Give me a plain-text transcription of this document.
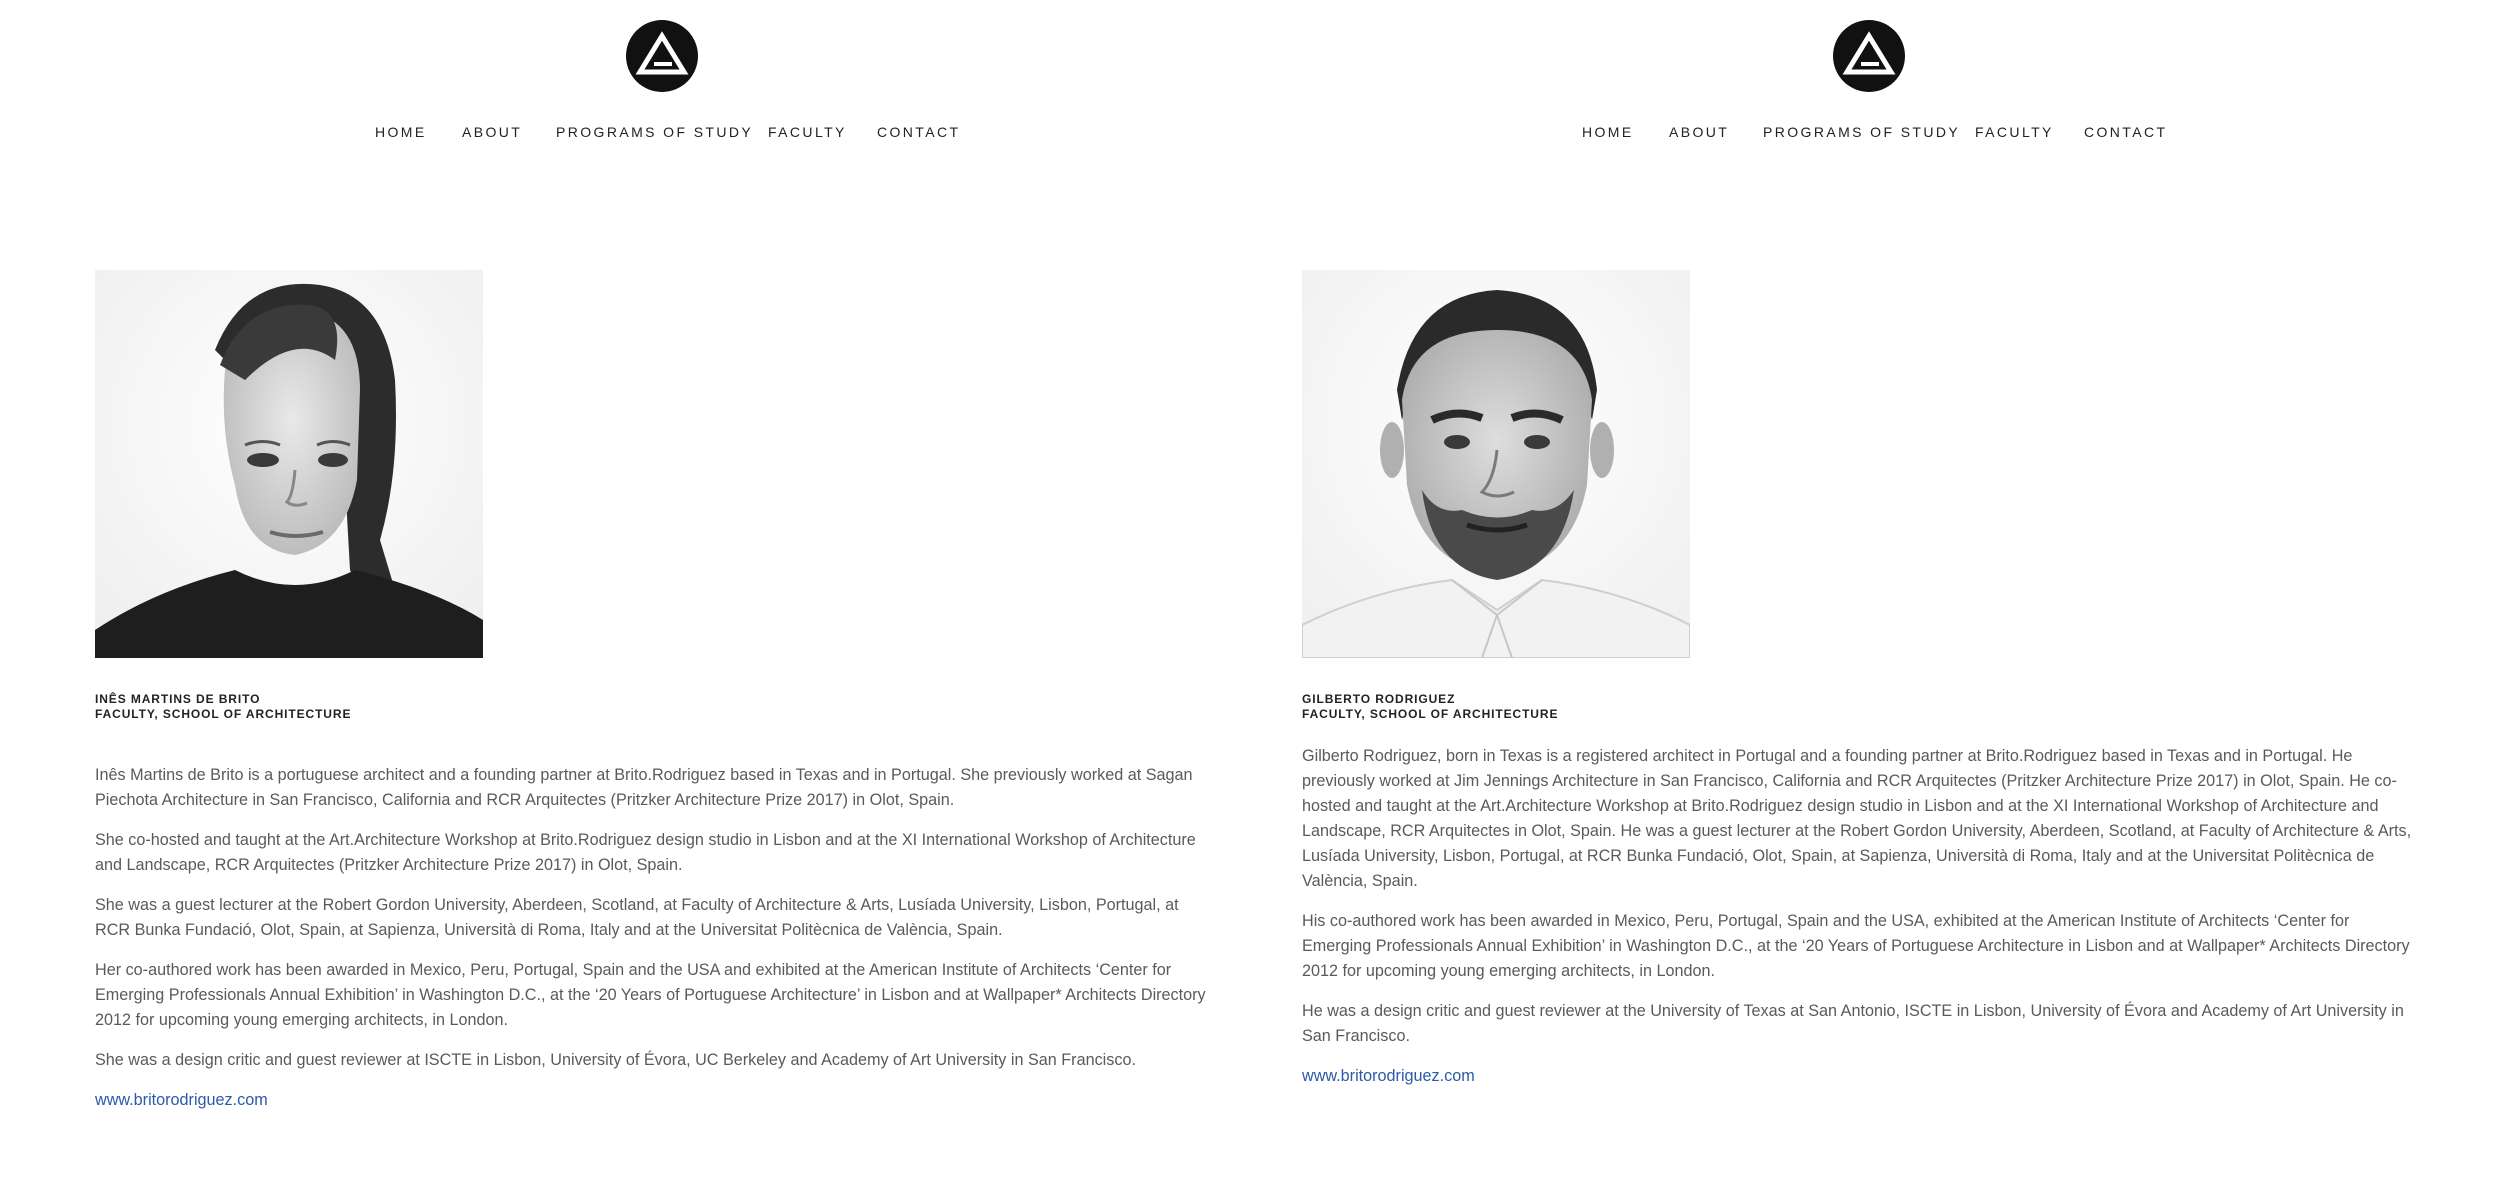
HOME	ABOUT PROGRAMS OF STUDY FACULTY CONTACT
INÊS MARTINS DE BRITO
FACULTY, SCHOOL OF ARCHITECTURE

Inês Martins de Brito is a portuguese architect and a founding partner at Brito.Rodriguez based in Texas and in Portugal. She previously worked at Sagan Piechota Architecture in San Francisco, California and RCR Arquitectes (Pritzker Architecture Prize 2017) in Olot, Spain.

She co-hosted and taught at the Art.Architecture Workshop at Brito.Rodriguez design studio in Lisbon and at the XI International Workshop of Architecture and Landscape, RCR Arquitectes (Pritzker Architecture Prize 2017) in Olot, Spain.

She was a guest lecturer at the Robert Gordon University, Aberdeen, Scotland, at Faculty of Architecture & Arts, Lusíada University, Lisbon, Portugal, at RCR Bunka Fundació, Olot, Spain, at Sapienza, Università di Roma, Italy and at the Universitat Politècnica de València, Spain.

Her co-authored work has been awarded in Mexico, Peru, Portugal, Spain and the USA and exhibited at the American Institute of Architects ‘Center for Emerging Professionals Annual Exhibition’ in Washington D.C., at the ‘20 Years of Portuguese Architecture’ in Lisbon and at Wallpaper* Architects Directory 2012 for upcoming young emerging architects, in London.

She was a design critic and guest reviewer at ISCTE in Lisbon, University of Évora, UC Berkeley and Academy of Art University in San Francisco.

www.britorodriguez.com

HOME	ABOUT PROGRAMS OF STUDY FACULTY CONTACT
GILBERTO RODRIGUEZ
FACULTY, SCHOOL OF ARCHITECTURE

Gilberto Rodriguez, born in Texas is a registered architect in Portugal and a founding partner at Brito.Rodriguez based in Texas and in Portugal. He previously worked at Jim Jennings Architecture in San Francisco, California and RCR Arquitectes (Pritzker Architecture Prize 2017) in Olot, Spain. He co-hosted and taught at the Art.Architecture Workshop at Brito.Rodriguez design studio in Lisbon and at the XI International Workshop of Architecture and Landscape, RCR Arquitectes in Olot, Spain. He was a guest lecturer at the Robert Gordon University, Aberdeen, Scotland, at Faculty of Architecture & Arts, Lusíada University, Lisbon, Portugal, at RCR Bunka Fundació, Olot, Spain, at Sapienza, Università di Roma, Italy and at the Universitat Politècnica de València, Spain.

His co-authored work has been awarded in Mexico, Peru, Portugal, Spain and the USA, exhibited at the American Institute of Architects ‘Center for Emerging Professionals Annual Exhibition’ in Washington D.C., at the ‘20 Years of Portuguese Architecture in Lisbon and at Wallpaper* Architects Directory 2012 for upcoming young emerging architects, in London.

He was a design critic and guest reviewer at the University of Texas at San Antonio, ISCTE in Lisbon, University of Évora and Academy of Art University in San Francisco.

www.britorodriguez.com
